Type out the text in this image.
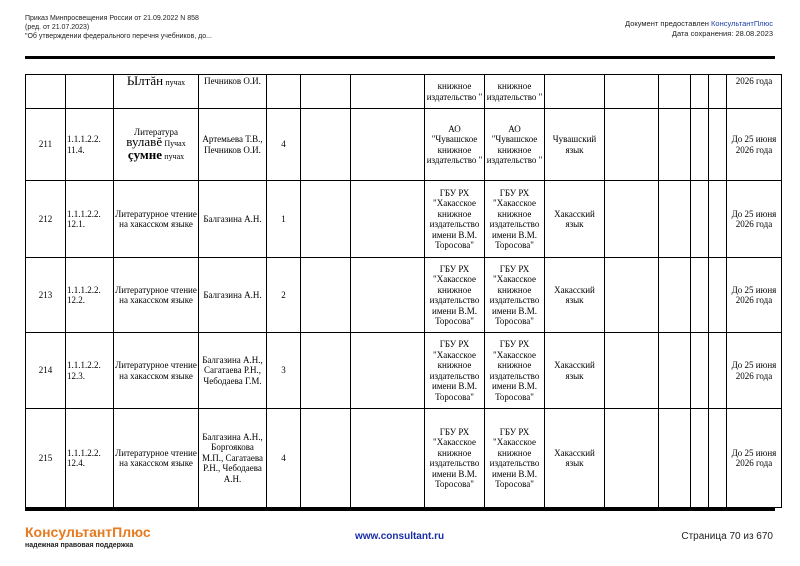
Приказ Минпросвещения России от 21.09.2022 N 858
(ред. от 21.07.2023)
"Об утверждении федерального перечня учебников, до...
Документ предоставлен КонсультантПлюс
Дата сохранения: 28.08.2023
		Ылтăн пучах	Печников О.И.				книжное издательство "	книжное издательство "						2026 года
211	1.1.1.2.2. 11.4.	Литература
вулавĕ Пучах
çумне пучах	Артемьева Т.В., Печников О.И.	4			АО "Чувашское книжное издательство "	АО "Чувашское книжное издательство "	Чувашский язык					До 25 июня 2026 года
212	1.1.1.2.2. 12.1.	Литературное чтение на хакасском языке	Балгазина А.Н.	1			ГБУ РХ "Хакасское книжное издательство имени В.М. Торосова"	ГБУ РХ "Хакасское книжное издательство имени В.М. Торосова"	Хакасский язык					До 25 июня 2026 года
213	1.1.1.2.2. 12.2.	Литературное чтение на хакасском языке	Балгазина А.Н.	2			ГБУ РХ "Хакасское книжное издательство имени В.М. Торосова"	ГБУ РХ "Хакасское книжное издательство имени В.М. Торосова"	Хакасский язык					До 25 июня 2026 года
214	1.1.1.2.2. 12.3.	Литературное чтение на хакасском языке	Балгазина А.Н., Сагатаева Р.Н., Чебодаева Г.М.	3			ГБУ РХ "Хакасское книжное издательство имени В.М. Торосова"	ГБУ РХ "Хакасское книжное издательство имени В.М. Торосова"	Хакасский язык					До 25 июня 2026 года
215	1.1.1.2.2. 12.4.	Литературное чтение на хакасском языке	Балгазина А.Н., Боргоякова М.П., Сагатаева Р.Н., Чебодаева А.Н.	4			ГБУ РХ "Хакасское книжное издательство имени В.М. Торосова"	ГБУ РХ "Хакасское книжное издательство имени В.М. Торосова"	Хакасский язык					До 25 июня 2026 года
КонсультантПлюс
надежная правовая поддержка
www.consultant.ru	Страница 70 из 670
